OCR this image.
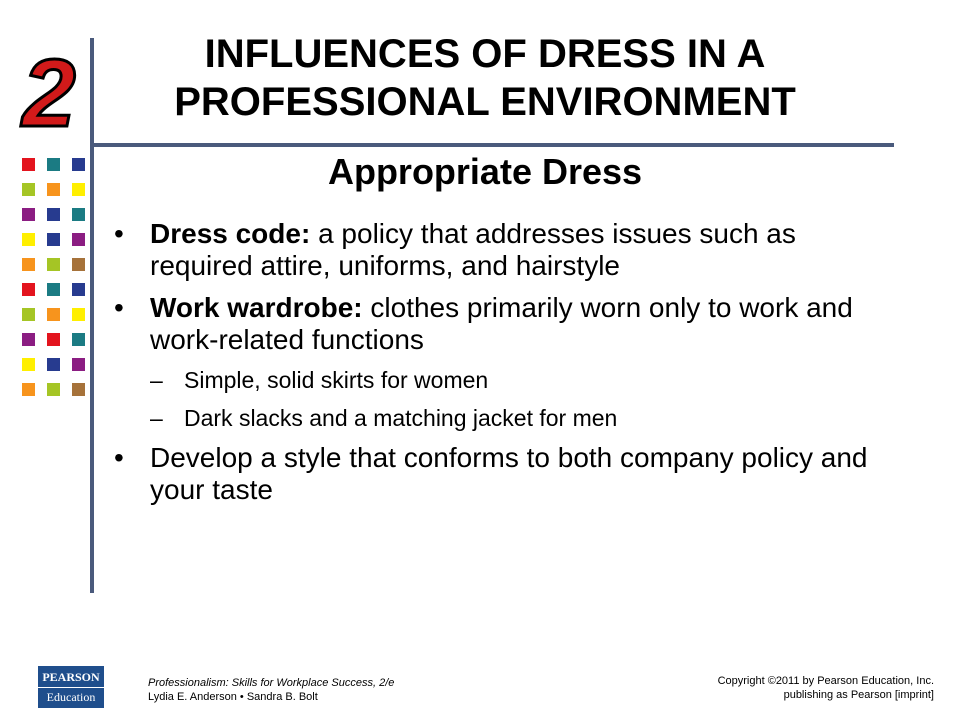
2	INFLUENCES OF DRESS IN A
PROFESSIONAL ENVIRONMENT
Appropriate Dress

• Dress code: a policy that addresses issues such as required attire, uniforms, and hairstyle

• Work wardrobe: clothes primarily worn only to work and work-related functions

– Simple, solid skirts for women

– Dark slacks and a matching jacket for men

• Develop a style that conforms to both company policy and your taste

PEARSON
Education
Professionalism: Skills for Workplace Success, 2/e
Lydia E. Anderson • Sandra B. Bolt
Copyright ©2011 by Pearson Education, Inc.
publishing as Pearson [imprint]
